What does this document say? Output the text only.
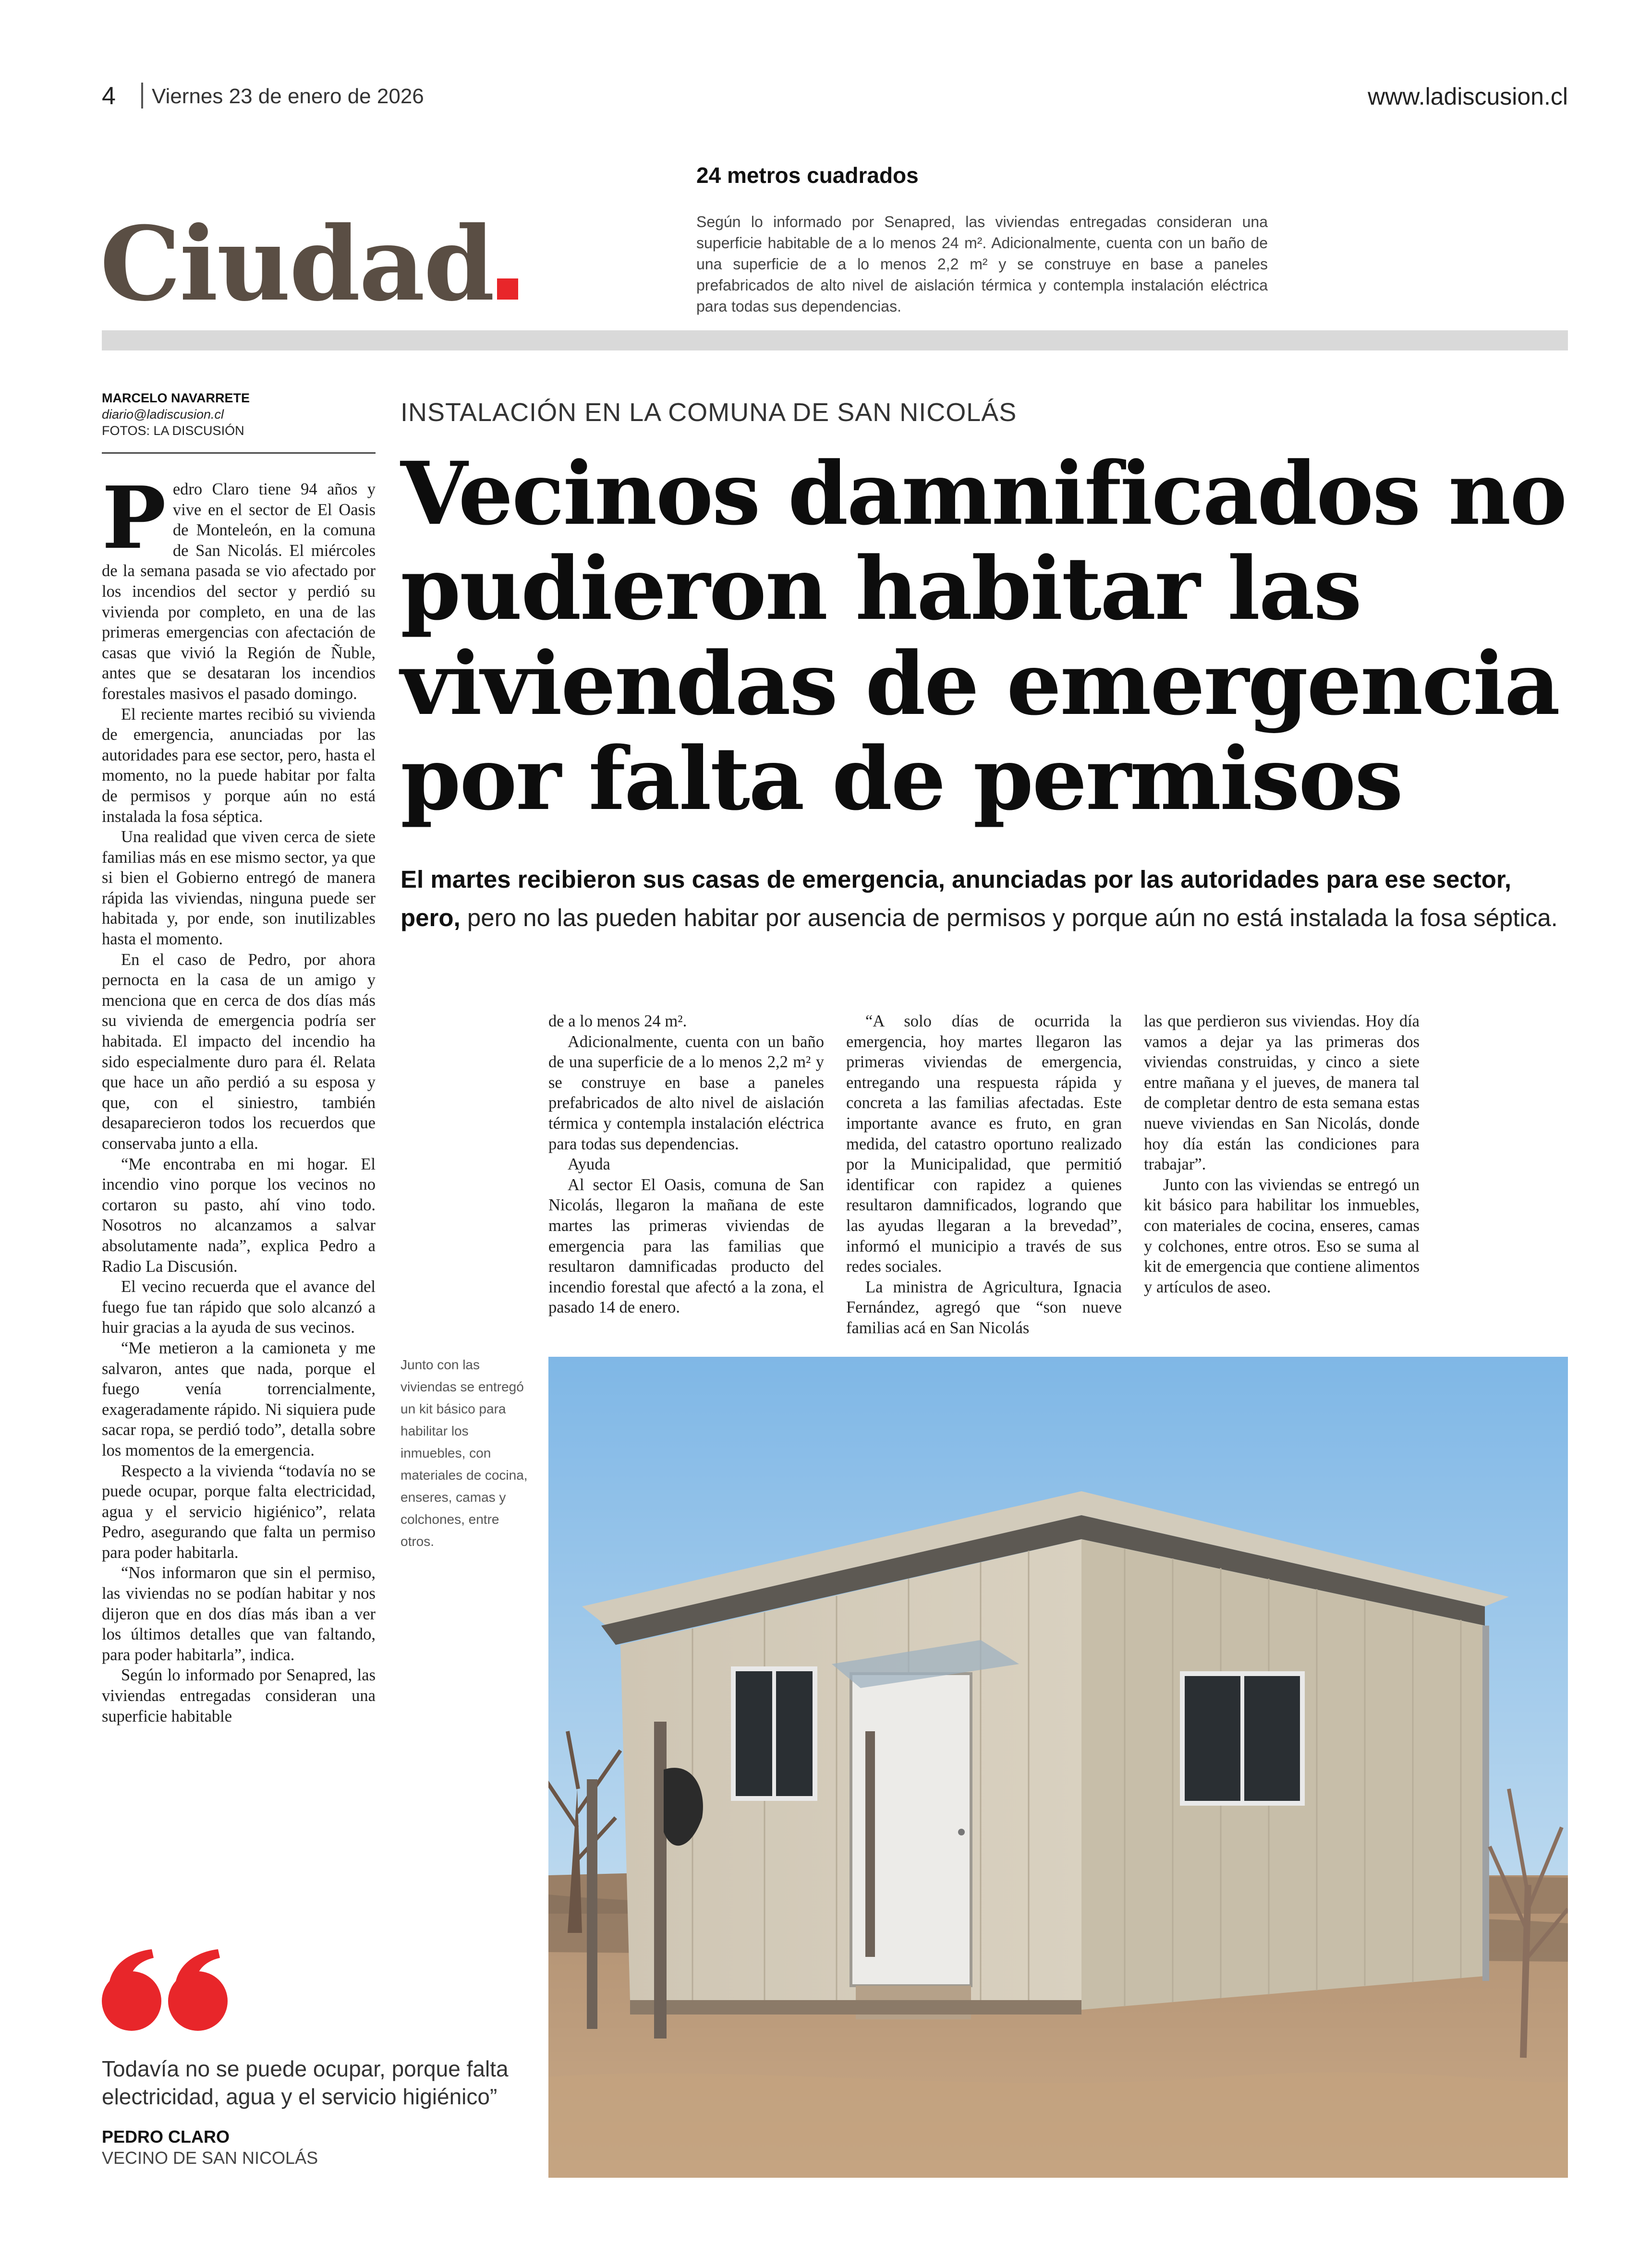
4 Viernes 23 de enero de 2026	www.ladiscusion.cl
Ciudad
24 metros cuadrados
Según lo informado por Senapred, las viviendas entregadas consideran una superficie habitable de a lo menos 24 m². Adicionalmente, cuenta con un baño de una superficie de a lo menos 2,2 m² y se construye en base a paneles prefabricados de alto nivel de aislación térmica y contempla instalación eléctrica para todas sus dependencias.
MARCELO NAVARRETE
diario@ladiscusion.cl
FOTOS: LA DISCUSIÓN
INSTALACIÓN EN LA COMUNA DE SAN NICOLÁS
Vecinos damnificados no pudieron habitar las viviendas de emergencia por falta de permisos
El martes recibieron sus casas de emergencia, anunciadas por las autoridades para ese sector, pero, pero no las pueden habitar por ausencia de permisos y porque aún no está instalada la fosa séptica.
P edro Claro tiene 94 años y vive en el sector de El Oasis de Monteleón, en la comuna de San Nicolás. El miércoles de la semana pasada se vio afectado por los incendios del sector y perdió su vivienda por completo, en una de las primeras emergencias con afectación de casas que vivió la Región de Ñuble, antes que se desataran los incendios forestales masivos el pasado domingo.

El reciente martes recibió su vivienda de emergencia, anunciadas por las autoridades para ese sector, pero, hasta el momento, no la puede habitar por falta de permisos y porque aún no está instalada la fosa séptica.

Una realidad que viven cerca de siete familias más en ese mismo sector, ya que si bien el Gobierno entregó de manera rápida las viviendas, ninguna puede ser habitada y, por ende, son inutilizables hasta el momento.

En el caso de Pedro, por ahora pernocta en la casa de un amigo y menciona que en cerca de dos días más su vivienda de emergencia podría ser habitada. El impacto del incendio ha sido especialmente duro para él. Relata que hace un año perdió a su esposa y que, con el siniestro, también desaparecieron todos los recuerdos que conservaba junto a ella.

“Me encontraba en mi hogar. El incendio vino porque los vecinos no cortaron su pasto, ahí vino todo. Nosotros no alcanzamos a salvar absolutamente nada”, explica Pedro a Radio La Discusión.

El vecino recuerda que el avance del fuego fue tan rápido que solo alcanzó a huir gracias a la ayuda de sus vecinos.

“Me metieron a la camioneta y me salvaron, antes que nada, porque el fuego venía torrencialmente, exageradamente rápido. Ni siquiera pude sacar ropa, se perdió todo”, detalla sobre los momentos de la emergencia.

Respecto a la vivienda “todavía no se puede ocupar, porque falta electricidad, agua y el servicio higiénico”, relata Pedro, asegurando que falta un permiso para poder habitarla.

“Nos informaron que sin el permiso, las viviendas no se podían habitar y nos dijeron que en dos días más iban a ver los últimos detalles que van faltando, para poder habitarla”, indica.

Según lo informado por Senapred, las viviendas entregadas consideran una superficie habitable

de a lo menos 24 m².

Adicionalmente, cuenta con un baño de una superficie de a lo menos 2,2 m² y se construye en base a paneles prefabricados de alto nivel de aislación térmica y contempla instalación eléctrica para todas sus dependencias.

Ayuda

Al sector El Oasis, comuna de San Nicolás, llegaron la mañana de este martes las primeras viviendas de emergencia para las familias que resultaron damnificadas producto del incendio forestal que afectó a la zona, el pasado 14 de enero.

“A solo días de ocurrida la emergencia, hoy martes llegaron las primeras viviendas de emergencia, entregando una respuesta rápida y concreta a las familias afectadas. Este importante avance es fruto, en gran medida, del catastro oportuno realizado por la Municipalidad, que permitió identificar con rapidez a quienes resultaron damnificados, logrando que las ayudas llegaran a la brevedad”, informó el municipio a través de sus redes sociales.

La ministra de Agricultura, Ignacia Fernández, agregó que “son nueve familias acá en San Nicolás

las que perdieron sus viviendas. Hoy día vamos a dejar ya las primeras dos viviendas construidas, y cinco a siete entre mañana y el jueves, de manera tal de completar dentro de esta semana estas nueve viviendas en San Nicolás, donde hoy día están las condiciones para trabajar”.

Junto con las viviendas se entregó un kit básico para habilitar los inmuebles, con materiales de cocina, enseres, camas y colchones, entre otros. Eso se suma al kit de emergencia que contiene alimentos y artículos de aseo.

Junto con las viviendas se entregó un kit básico para habilitar los inmuebles, con materiales de cocina, enseres, camas y colchones, entre otros.
Todavía no se puede ocupar, porque falta electricidad, agua y el servicio higiénico”
PEDRO CLARO
VECINO DE SAN NICOLÁS
